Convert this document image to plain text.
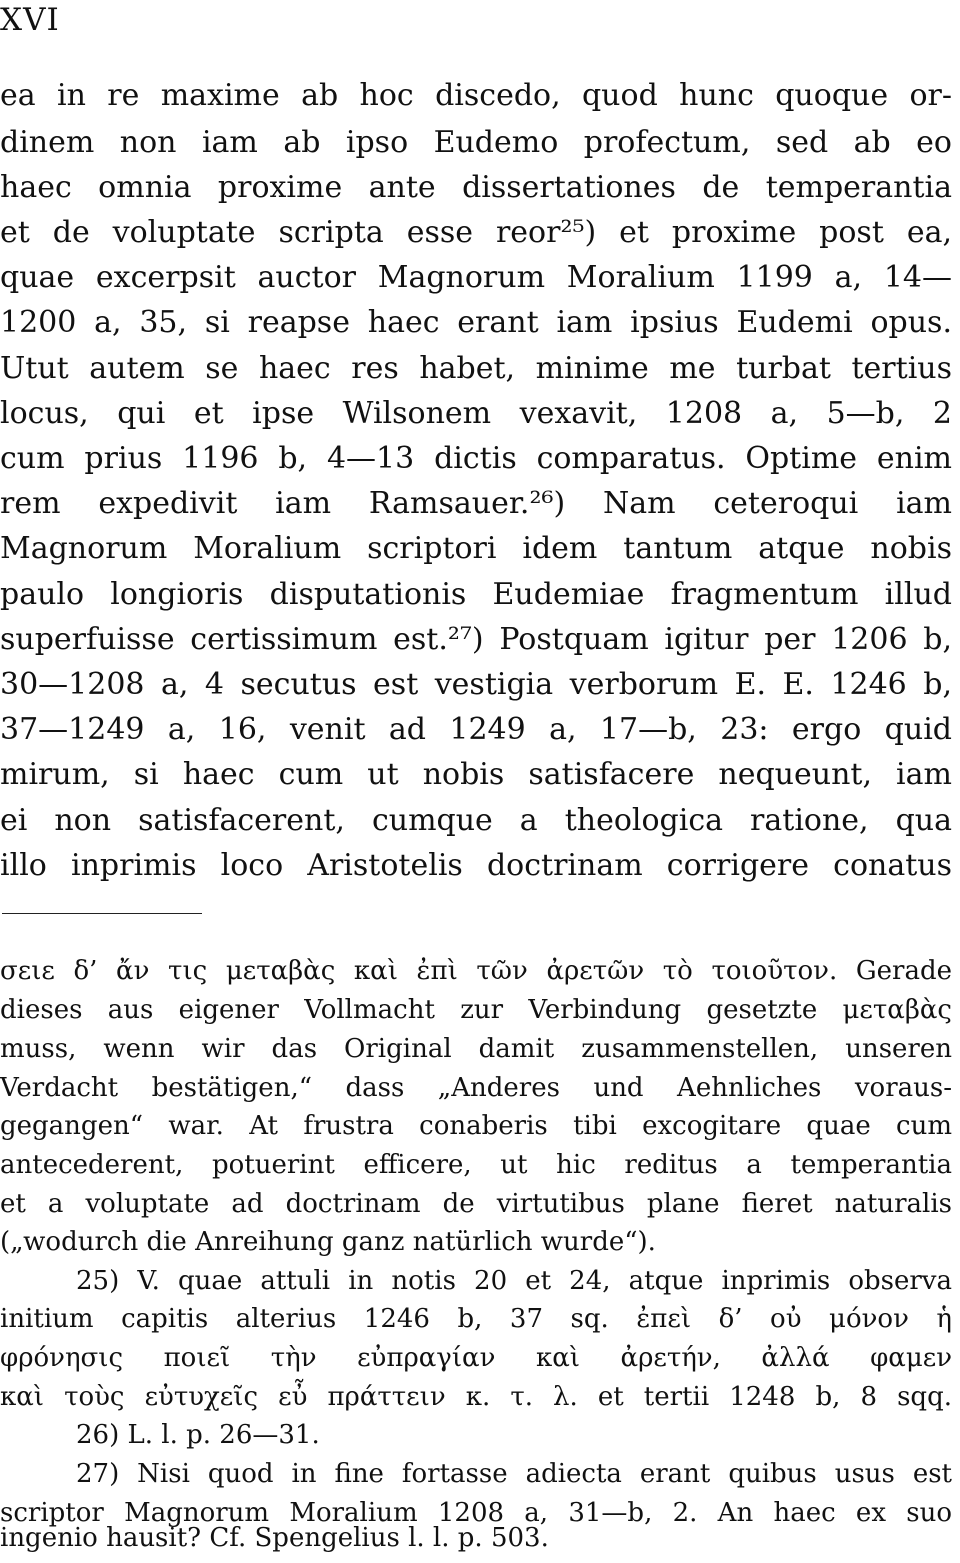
XVI
ea in re maxime ab hoc discedo, quod hunc quoque or-
dinem non iam ab ipso Eudemo profectum, sed ab eo
haec omnia proxime ante dissertationes de temperantia
et de voluptate scripta esse reor²⁵) et proxime post ea,
quae excerpsit auctor Magnorum Moralium 1199 a, 14—
1200 a, 35, si reapse haec erant iam ipsius Eudemi opus.
Utut autem se haec res habet, minime me turbat tertius
locus, qui et ipse Wilsonem vexavit, 1208 a, 5—b, 2
cum prius 1196 b, 4—13 dictis comparatus. Optime enim
rem expedivit iam Ramsauer.²⁶) Nam ceteroqui iam
Magnorum Moralium scriptori idem tantum atque nobis
paulo longioris disputationis Eudemiae fragmentum illud
superfuisse certissimum est.²⁷) Postquam igitur per 1206 b,
30—1208 a, 4 secutus est vestigia verborum E. E. 1246 b,
37—1249 a, 16, venit ad 1249 a, 17—b, 23: ergo quid
mirum, si haec cum ut nobis satisfacere nequeunt, iam
ei non satisfacerent, cumque a theologica ratione, qua
illo inprimis loco Aristotelis doctrinam corrigere conatus
σειε δ’ ἄν τις μεταβὰς καὶ ἐπὶ τῶν ἀρετῶν τὸ τοιοῦτον. Gerade
dieses aus eigener Vollmacht zur Verbindung gesetzte μεταβὰς
muss, wenn wir das Original damit zusammenstellen, unseren
Verdacht bestätigen,“ dass „Anderes und Aehnliches voraus-
gegangen“ war. At frustra conaberis tibi excogitare quae cum
antecederent, potuerint efficere, ut hic reditus a temperantia
et a voluptate ad doctrinam de virtutibus plane fieret naturalis
(„wodurch die Anreihung ganz natürlich wurde“).
25) V. quae attuli in notis 20 et 24, atque inprimis observa
initium capitis alterius 1246 b, 37 sq. ἐπεὶ δ’ οὐ μόνον ἡ
φρόνησις ποιεῖ τὴν εὐπραγίαν καὶ ἀρετήν, ἀλλά φαμεν
καὶ τοὺς εὐτυχεῖς εὖ πράττειν κ. τ. λ. et tertii 1248 b, 8 sqq.
26) L. l. p. 26—31.
27) Nisi quod in fine fortasse adiecta erant quibus usus est
scriptor Magnorum Moralium 1208 a, 31—b, 2. An haec ex suo
ingenio hausit? Cf. Spengelius l. l. p. 503.
